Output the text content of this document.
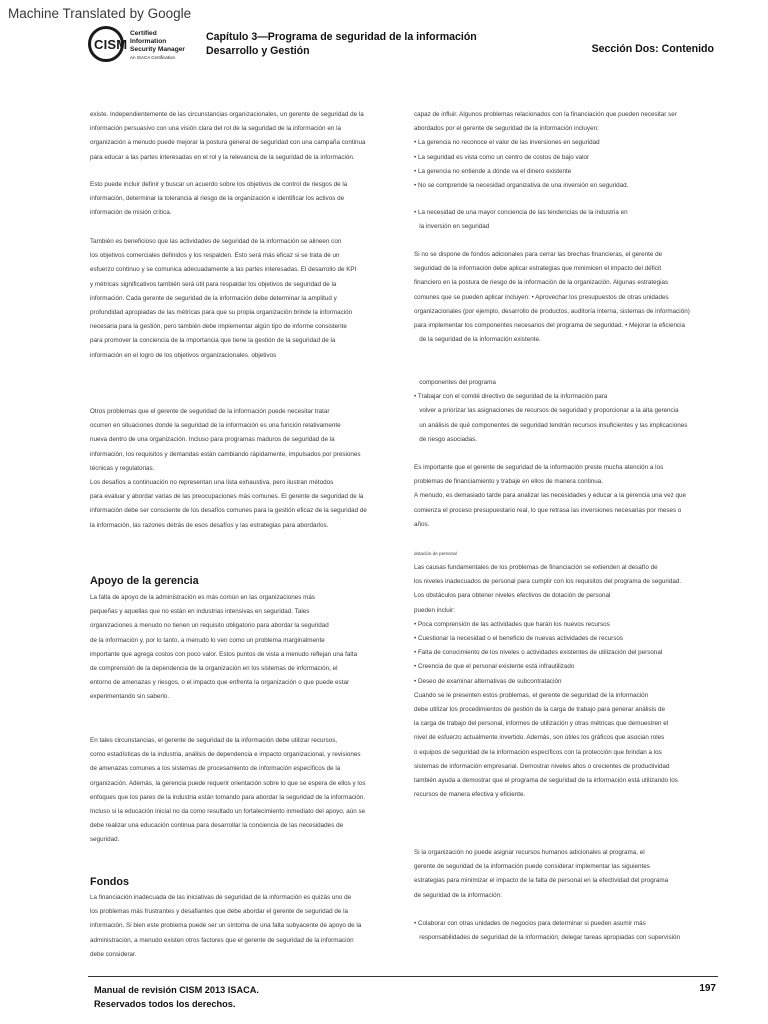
Machine Translated by Google
CISM
Certified Information
Security Manager
An ISACA Certification
Capítulo 3—Programa de seguridad de la información
Desarrollo y Gestión	Sección Dos: Contenido
existe. Independientemente de las circunstancias organizacionales, un gerente de seguridad de la
información persuasivo con una visión clara del rol de la seguridad de la información en la
organización a menudo puede mejorar la postura general de seguridad con una campaña continua
para educar a las partes interesadas en el rol y la relevancia de la seguridad de la información.
Esto puede incluir definir y buscar un acuerdo sobre los objetivos de control de riesgos de la
información, determinar la tolerancia al riesgo de la organización e identificar los activos de
información de misión crítica.
También es beneficioso que las actividades de seguridad de la información se alineen con
los objetivos comerciales definidos y los respalden. Esto será más eficaz si se trata de un
esfuerzo continuo y se comunica adecuadamente a las partes interesadas. El desarrollo de KPI
y métricas significativos también será útil para respaldar los objetivos de seguridad de la
información. Cada gerente de seguridad de la información debe determinar la amplitud y
profundidad apropiadas de las métricas para que su propia organización brinde la información
necesaria para la gestión, pero también debe implementar algún tipo de informe consistente
para promover la conciencia de la importancia que tiene la gestión de la seguridad de la
información en el logro de los objetivos organizacionales. objetivos
Otros problemas que el gerente de seguridad de la información puede necesitar tratar
ocurren en situaciones donde la seguridad de la información es una función relativamente
nueva dentro de una organización. Incluso para programas maduros de seguridad de la
información, los requisitos y demandas están cambiando rápidamente, impulsados por presiones
técnicas y regulatorias.
Los desafíos a continuación no representan una lista exhaustiva, pero ilustran métodos
para evaluar y abordar varias de las preocupaciones más comunes. El gerente de seguridad de la
información debe ser consciente de los desafíos comunes para la gestión eficaz de la seguridad de
la información, las razones detrás de esos desafíos y las estrategias para abordarlos.
La falta de apoyo de la administración es más común en las organizaciones más
pequeñas y aquellas que no están en industrias intensivas en seguridad. Tales
organizaciones a menudo no tienen un requisito obligatorio para abordar la seguridad
de la información y, por lo tanto, a menudo lo ven como un problema marginalmente
importante que agrega costos con poco valor. Estos puntos de vista a menudo reflejan una falta
de comprensión de la dependencia de la organización en los sistemas de información, el
entorno de amenazas y riesgos, o el impacto que enfrenta la organización o que puede estar
experimentando sin saberlo.
En tales circunstancias, el gerente de seguridad de la información debe utilizar recursos,
como estadísticas de la industria, análisis de dependencia e impacto organizacional, y revisiones
de amenazas comunes a los sistemas de procesamiento de información específicos de la
organización. Además, la gerencia puede requerir orientación sobre lo que se espera de ellos y los
enfoques que los pares de la industria están tomando para abordar la seguridad de la información.
Incluso si la educación inicial no da como resultado un fortalecimiento inmediato del apoyo, aún se
debe realizar una educación continua para desarrollar la conciencia de las necesidades de
seguridad.
La financiación inadecuada de las iniciativas de seguridad de la información es quizás uno de
los problemas más frustrantes y desafiantes que debe abordar el gerente de seguridad de la
información. Si bien este problema puede ser un síntoma de una falta subyacente de apoyo de la
administración, a menudo existen otros factores que el gerente de seguridad de la información
debe considerar.
capaz de influir. Algunos problemas relacionados con la financiación que pueden necesitar ser
abordados por el gerente de seguridad de la información incluyen:
• La gerencia no reconoce el valor de las inversiones en seguridad
• La seguridad es vista como un centro de costos de bajo valor
• La gerencia no entiende a dónde va el dinero existente
• No se comprende la necesidad organizativa de una inversión en seguridad.
• La necesidad de una mayor conciencia de las tendencias de la industria en
la inversión en seguridad
Si no se dispone de fondos adicionales para cerrar las brechas financieras, el gerente de
seguridad de la información debe aplicar estrategias que minimicen el impacto del déficit
financiero en la postura de riesgo de la información de la organización. Algunas estrategias
comunes que se pueden aplicar incluyen: • Aprovechar los presupuestos de otras unidades
organizacionales (por ejemplo, desarrollo de productos, auditoría interna, sistemas de información)
para implementar los componentes necesarios del programa de seguridad. • Mejorar la eficiencia
de la seguridad de la información existente.
componentes del programa
• Trabajar con el comité directivo de seguridad de la información para
volver a priorizar las asignaciones de recursos de seguridad y proporcionar a la alta gerencia
un análisis de qué componentes de seguridad tendrán recursos insuficientes y las implicaciones
de riesgo asociadas.
Es importante que el gerente de seguridad de la información preste mucha atención a los
problemas de financiamiento y trabaje en ellos de manera continua.
A menudo, es demasiado tarde para analizar las necesidades y educar a la gerencia una vez que
comienza el proceso presupuestario real, lo que retrasa las inversiones necesarias por meses o
años.
Las causas fundamentales de los problemas de financiación se extienden al desafío de
los niveles inadecuados de personal para cumplir con los requisitos del programa de seguridad.
Los obstáculos para obtener niveles efectivos de dotación de personal
pueden incluir:
• Poca comprensión de las actividades que harán los nuevos recursos
• Cuestionar la necesidad o el beneficio de nuevas actividades de recursos
• Falta de conocimiento de los niveles o actividades existentes de utilización del personal
• Creencia de que el personal existente está infrautilizado
• Deseo de examinar alternativas de subcontratación
Cuando se le presenten estos problemas, el gerente de seguridad de la información
debe utilizar los procedimientos de gestión de la carga de trabajo para generar análisis de
la carga de trabajo del personal, informes de utilización y otras métricas que demuestren el
nivel de esfuerzo actualmente invertido. Además, son útiles los gráficos que asocian roles
o equipos de seguridad de la información específicos con la protección que brindan a los
sistemas de información empresarial. Demostrar niveles altos o crecientes de productividad
también ayuda a demostrar que el programa de seguridad de la información está utilizando los
recursos de manera efectiva y eficiente.
Si la organización no puede asignar recursos humanos adicionales al programa, el
gerente de seguridad de la información puede considerar implementar las siguientes
estrategias para minimizar el impacto de la falta de personal en la efectividad del programa
de seguridad de la información:
• Colaborar con otras unidades de negocios para determinar si pueden asumir más
responsabilidades de seguridad de la información; delegar tareas apropiadas con supervisión
Apoyo de la gerencia
Fondos
dotación de personal
Manual de revisión CISM 2013 ISACA.
Reservados todos los derechos.
197
